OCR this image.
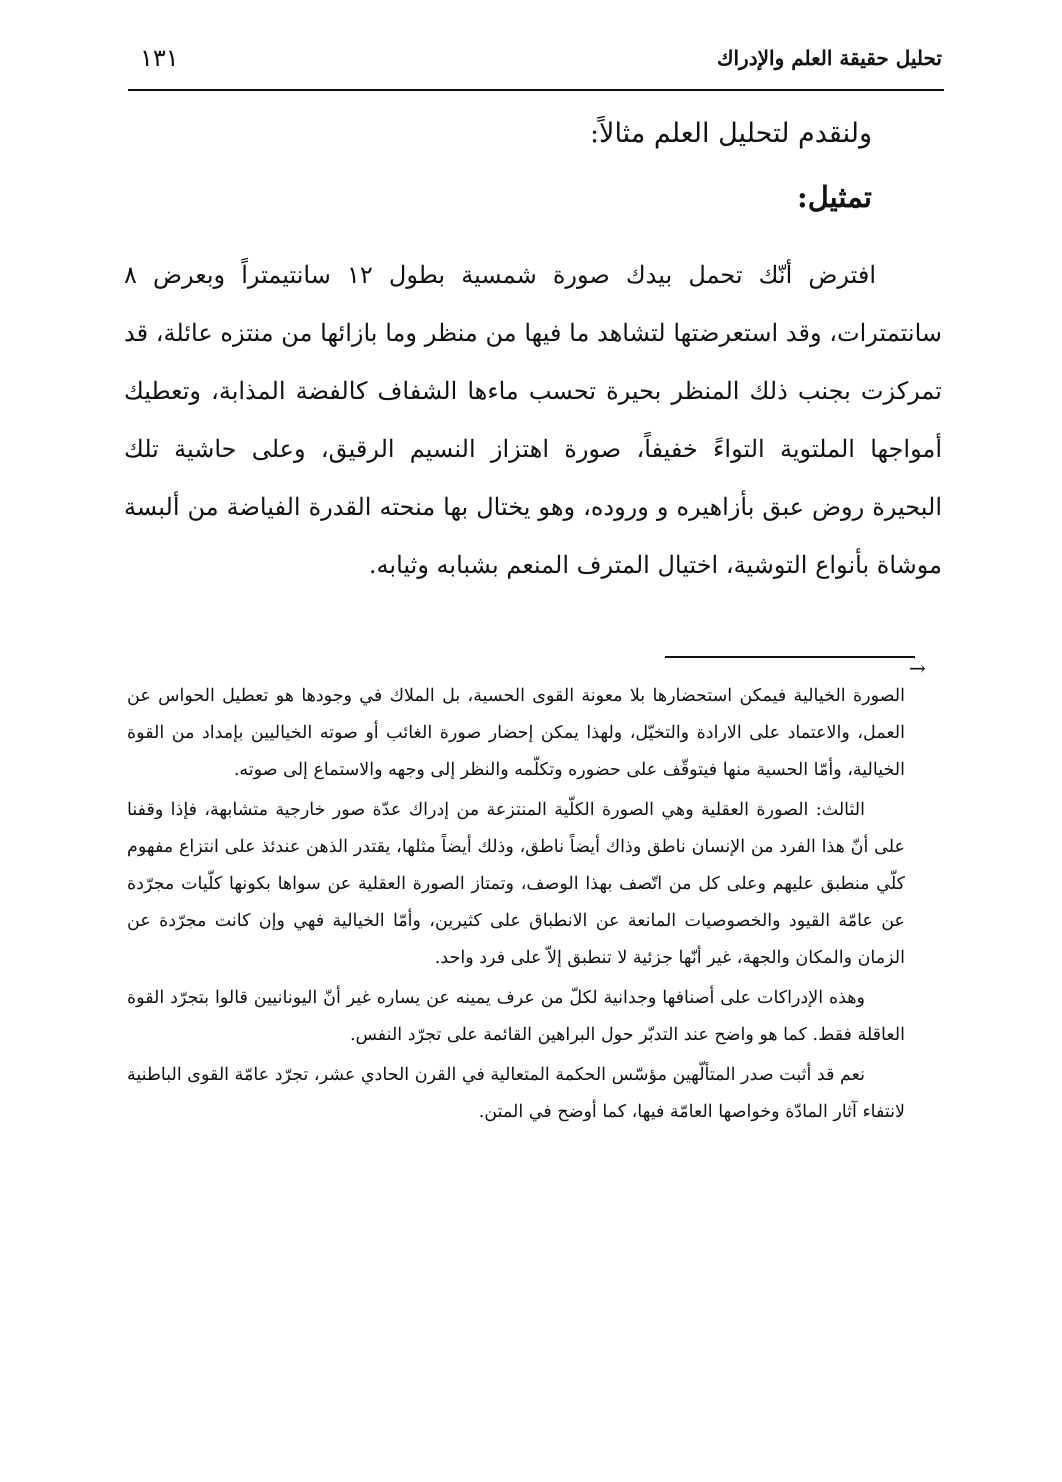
تحليل حقيقة العلم والإدراك
١٣١
ولنقدم لتحليل العلم مثالاً:
تمثيل:

افترض أنّك تحمل بيدك صورة شمسية بطول ١٢ سانتيمتراً وبعرض ٨ سانتمترات، وقد استعرضتها لتشاهد ما فيها من منظر وما بازائها من منتزه عائلة، قد تمركزت بجنب ذلك المنظر بحيرة تحسب ماءها الشفاف كالفضة المذابة، وتعطيك أمواجها الملتوية التواءً خفيفاً، صورة اهتزاز النسيم الرقيق، وعلى حاشية تلك البحيرة روض عبق بأزاهيره و وروده، وهو يختال بها منحته القدرة الفياضة من ألبسة موشاة بأنواع التوشية، اختيال المترف المنعم بشبابه وثيابه.

→

الصورة الخيالية فيمكن استحضارها بلا معونة القوى الحسية، بل الملاك في وجودها هو تعطيل الحواس عن العمل، والاعتماد على الارادة والتخيّل، ولهذا يمكن إحضار صورة الغائب أو صوته الخياليين بإمداد من القوة الخيالية، وأمّا الحسية منها فيتوقّف على حضوره وتكلّمه والنظر إلى وجهه والاستماع إلى صوته.

الثالث: الصورة العقلية وهي الصورة الكلّية المنتزعة من إدراك عدّة صور خارجية متشابهة، فإذا وقفنا على أنّ هذا الفرد من الإنسان ناطق وذاك أيضاً ناطق، وذلك أيضاً مثلها، يقتدر الذهن عندئذ على انتزاع مفهوم كلّي منطبق عليهم وعلى كل من اتّصف بهذا الوصف، وتمتاز الصورة العقلية عن سواها بكونها كلّيات مجرّدة عن عامّة القيود والخصوصيات المانعة عن الانطباق على كثيرين، وأمّا الخيالية فهي وإن كانت مجرّدة عن الزمان والمكان والجهة، غير أنّها جزئية لا تنطبق إلاّ على فرد واحد.

وهذه الإدراكات على أصنافها وجدانية لكلّ من عرف يمينه عن يساره غير أنّ اليونانيين قالوا بتجرّد القوة العاقلة فقط. كما هو واضح عند التدبّر حول البراهين القائمة على تجرّد النفس.

نعم قد أثبت صدر المتألّهين مؤسّس الحكمة المتعالية في القرن الحادي عشر، تجرّد عامّة القوى الباطنية لانتفاء آثار المادّة وخواصها العامّة فيها، كما أوضح في المتن.
